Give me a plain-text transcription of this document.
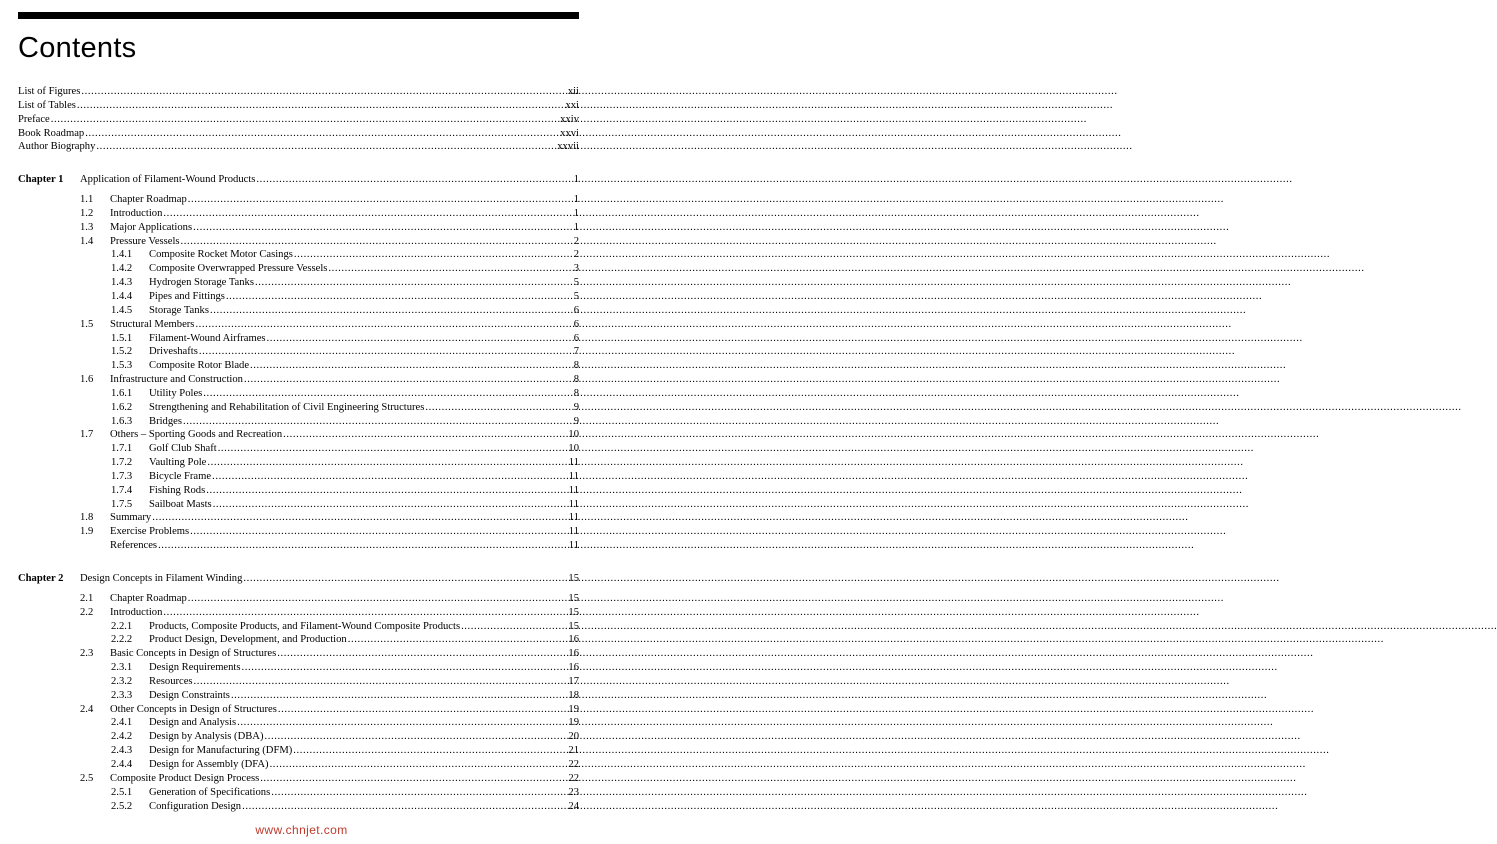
Contents
List of Figures .....	xii
List of Tables .....	xxi
Preface .....	xxiv
Book Roadmap .....	xxvi
Author Biography .....	xxvii
Chapter 1	Application of Filament-Wound Products .....	1
1.1	Chapter Roadmap .....	1
1.2	Introduction .....	1
1.3	Major Applications .....	1
1.4	Pressure Vessels .....	2
1.4.1	Composite Rocket Motor Casings .....	2
1.4.2	Composite Overwrapped Pressure Vessels .....	3
1.4.3	Hydrogen Storage Tanks .....	5
1.4.4	Pipes and Fittings .....	5
1.4.5	Storage Tanks .....	6
1.5	Structural Members .....	6
1.5.1	Filament-Wound Airframes .....	6
1.5.2	Driveshafts .....	7
1.5.3	Composite Rotor Blade .....	8
1.6	Infrastructure and Construction .....	8
1.6.1	Utility Poles .....	8
1.6.2	Strengthening and Rehabilitation of Civil Engineering Structures .....	9
1.6.3	Bridges .....	9
1.7	Others – Sporting Goods and Recreation .....	10
1.7.1	Golf Club Shaft .....	10
1.7.2	Vaulting Pole .....	11
1.7.3	Bicycle Frame .....	11
1.7.4	Fishing Rods .....	11
1.7.5	Sailboat Masts .....	11
1.8	Summary .....	11
1.9	Exercise Problems .....	11
References .....	11
Chapter 2	Design Concepts in Filament Winding .....	15
2.1	Chapter Roadmap .....	15
2.2	Introduction .....	15
2.2.1	Products, Composite Products, and Filament-Wound Composite Products .....	15
2.2.2	Product Design, Development, and Production .....	16
2.3	Basic Concepts in Design of Structures .....	16
2.3.1	Design Requirements .....	16
2.3.2	Resources .....	17
2.3.3	Design Constraints .....	18
2.4	Other Concepts in Design of Structures .....	19
2.4.1	Design and Analysis .....	19
2.4.2	Design by Analysis (DBA) .....	20
2.4.3	Design for Manufacturing (DFM) .....	21
2.4.4	Design for Assembly (DFA) .....	22
2.5	Composite Product Design Process .....	22
2.5.1	Generation of Specifications .....	23
2.5.2	Configuration Design .....	24
www.chnjet.com
